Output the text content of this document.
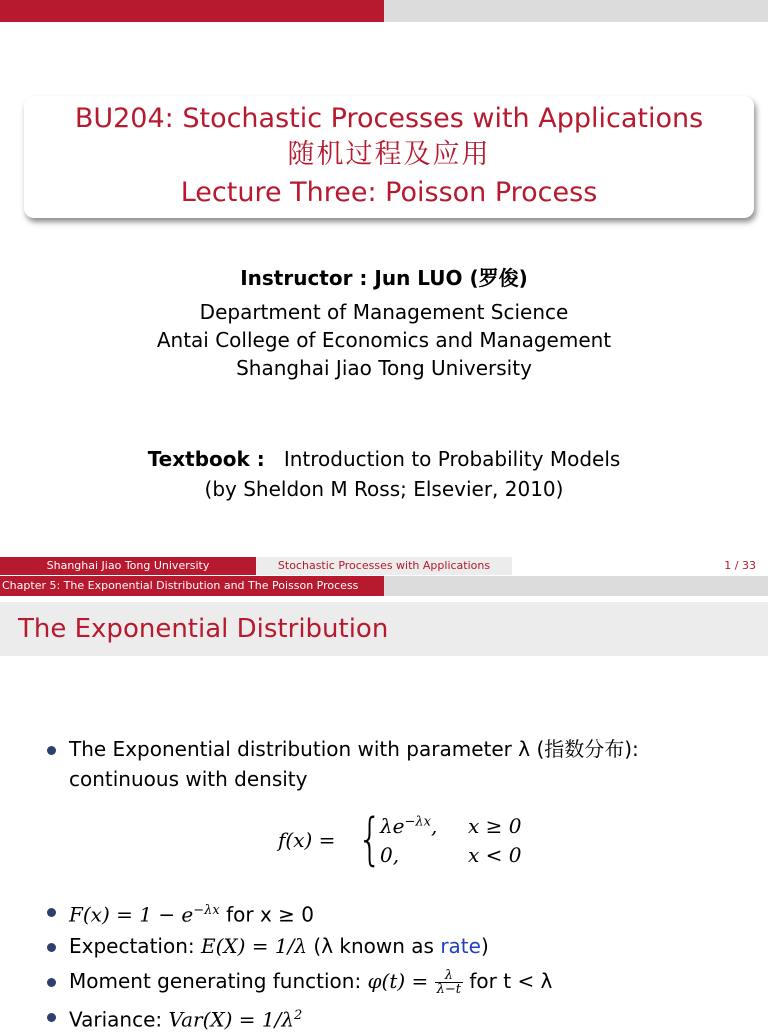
BU204: Stochastic Processes with Applications
随机过程及应用
Lecture Three: Poisson Process
Instructor : Jun LUO (罗俊)
Department of Management Science
Antai College of Economics and Management
Shanghai Jiao Tong University
Textbook : Introduction to Probability Models
(by Sheldon M Ross; Elsevier, 2010)
Shanghai Jiao Tong University	Stochastic Processes with Applications	1 / 33
Chapter 5: The Exponential Distribution and The Poisson Process
The Exponential Distribution
The Exponential distribution with parameter λ (指数分布):
continuous with density
$F(x) = 1 - e^{-\lambda x}$ for x ≥ 0
Expectation: E(X) = 1/λ (λ known as rate)
Moment generating function: $\varphi(t) = \frac{\lambda}{\lambda-t}$ for t < λ
Variance: $Var(X) = 1/\lambda^2$
f(x) = {
$\lambda e^{-\lambda x}$, x ≥ 0
0,	x < 0
